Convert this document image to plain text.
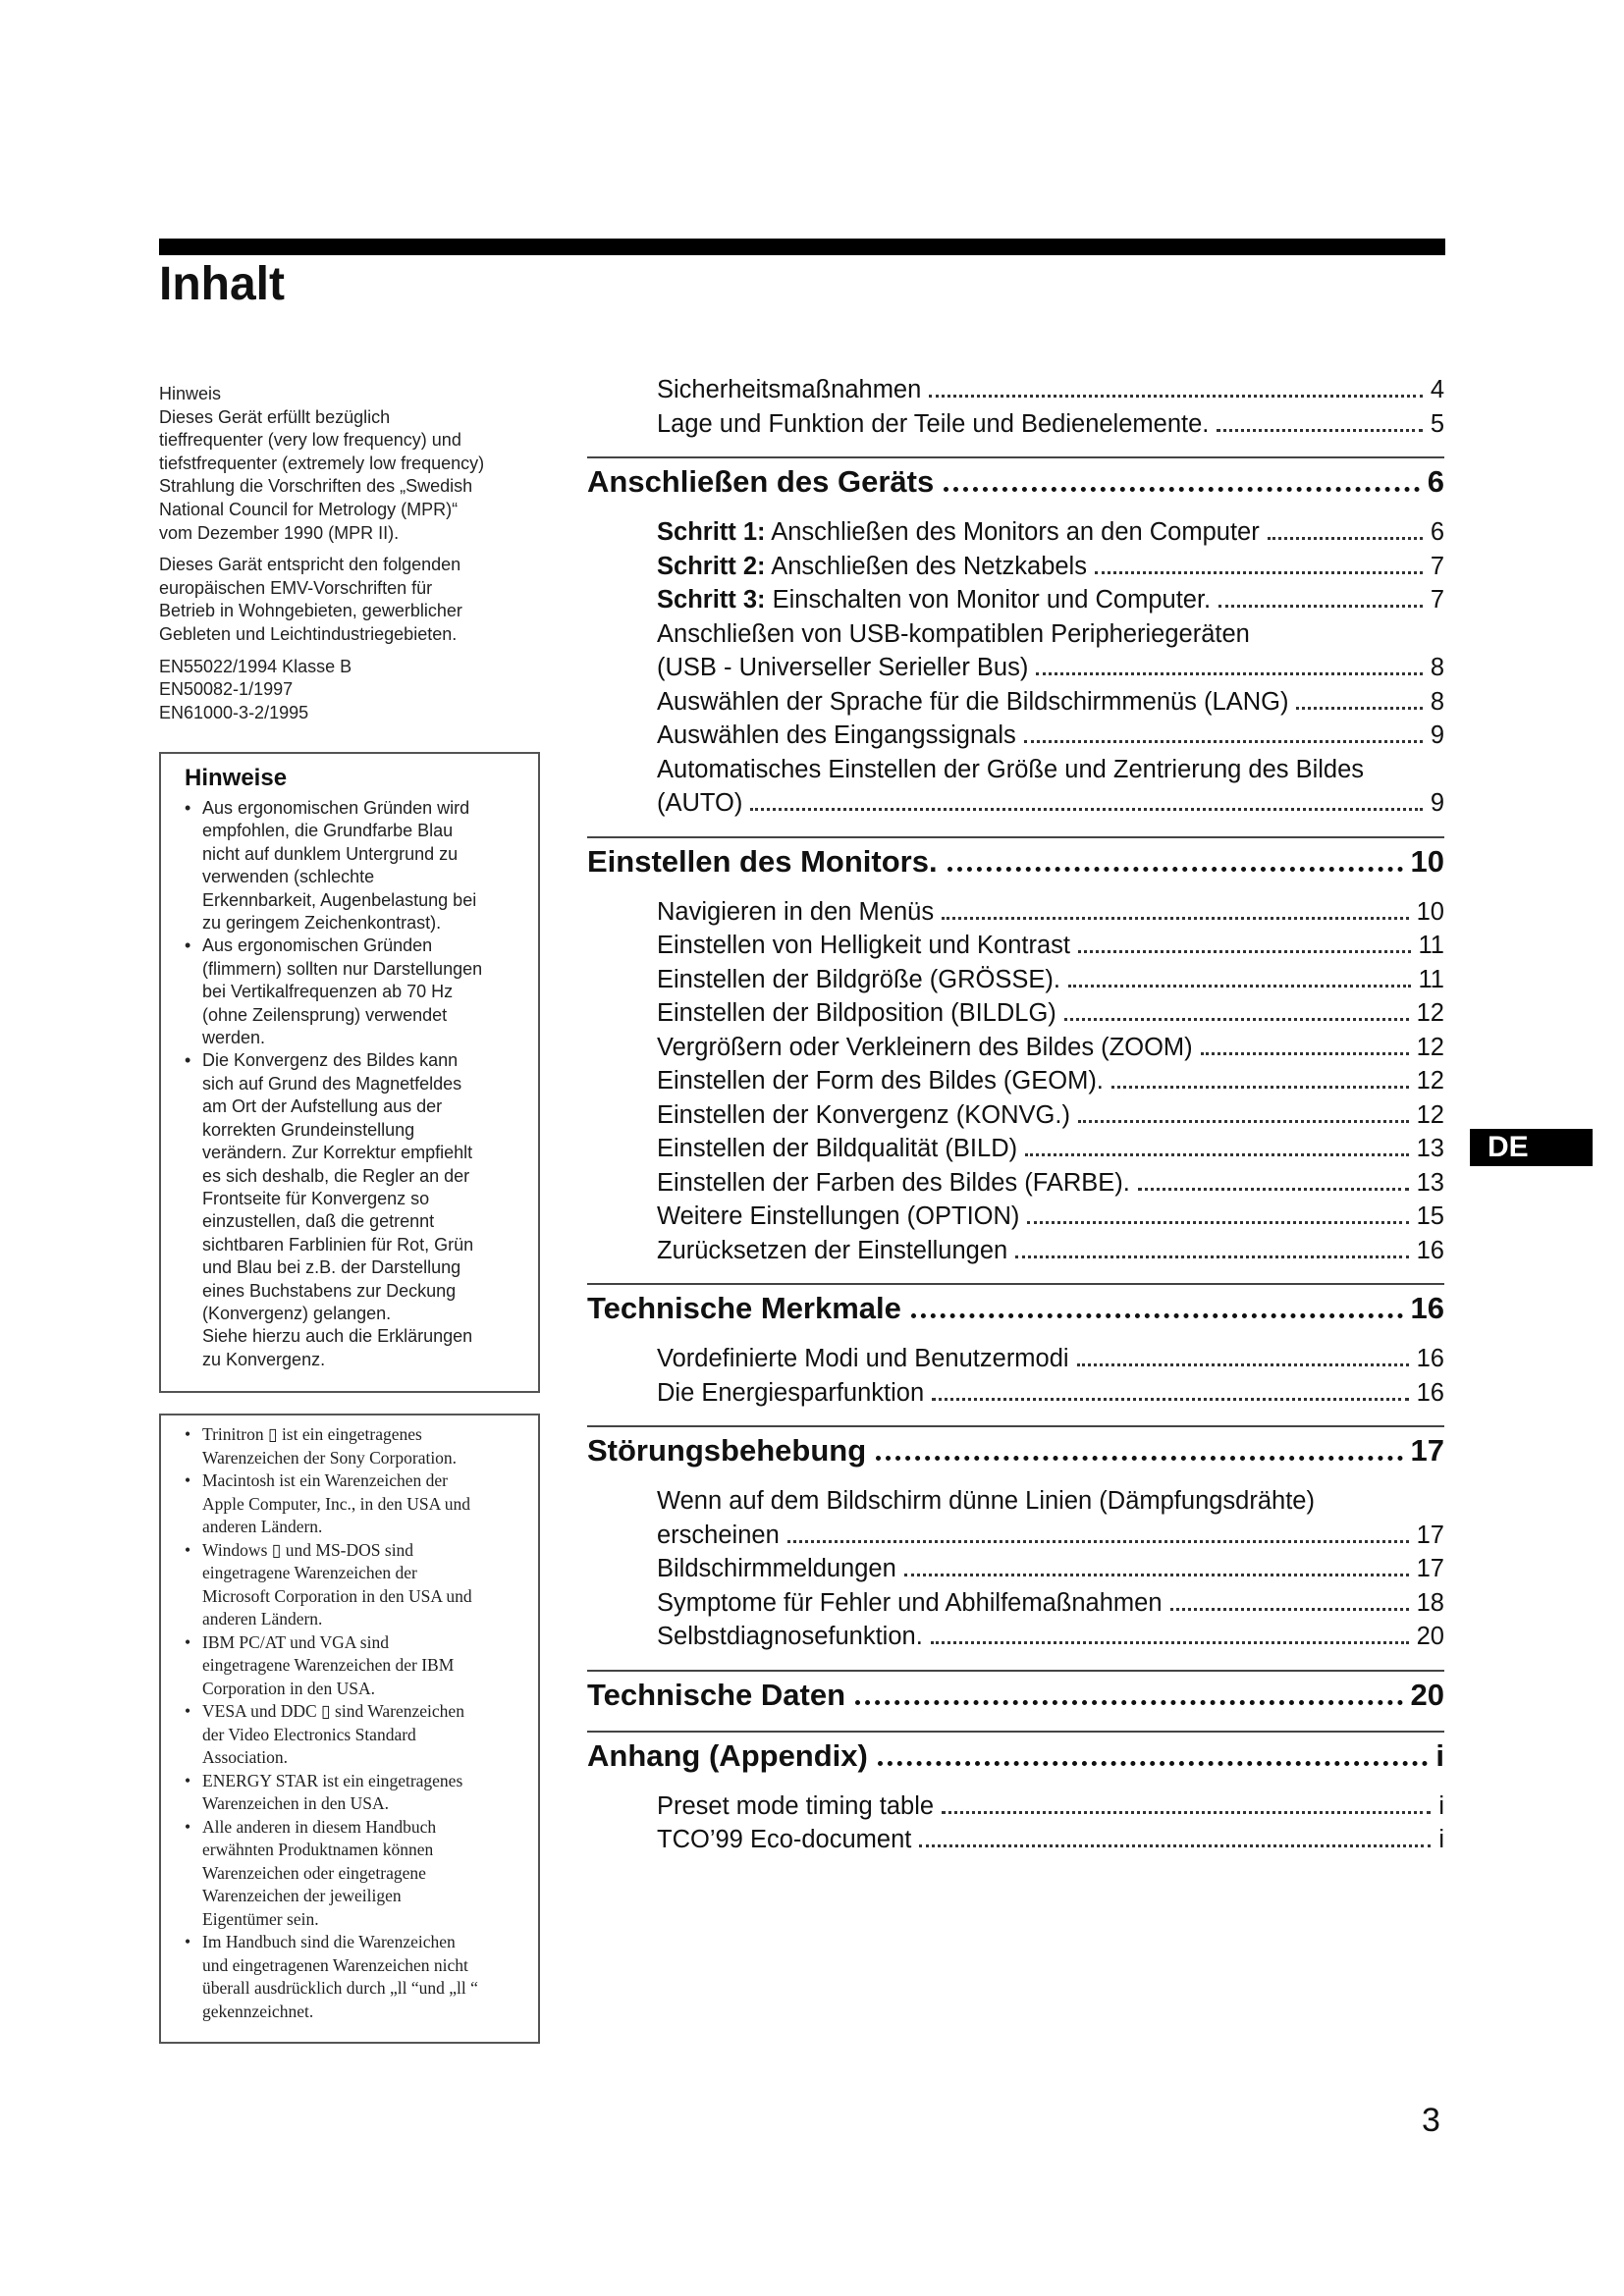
Inhalt

Hinweis
Dieses Gerät erfüllt bezüglich
tieffrequenter (very low frequency) und
tiefstfrequenter (extremely low frequency)
Strahlung die Vorschriften des „Swedish
National Council for Metrology (MPR)“
vom Dezember 1990 (MPR II).

Dieses Garät entspricht den folgenden
europäischen EMV-Vorschriften für
Betrieb in Wohngebieten, gewerblicher
Gebleten und Leichtindustriegebieten.

EN55022/1994 Klasse B
EN50082-1/1997
EN61000-3-2/1995

Hinweise
• Aus ergonomischen Gründen wird
empfohlen, die Grundfarbe Blau
nicht auf dunklem Untergrund zu
verwenden (schlechte
Erkennbarkeit, Augenbelastung bei
zu geringem Zeichenkontrast).
• Aus ergonomischen Gründen
(flimmern) sollten nur Darstellungen
bei Vertikalfrequenzen ab 70 Hz
(ohne Zeilensprung) verwendet
werden.
• Die Konvergenz des Bildes kann
sich auf Grund des Magnetfeldes
am Ort der Aufstellung aus der
korrekten Grundeinstellung
verändern. Zur Korrektur empfiehlt
es sich deshalb, die Regler an der
Frontseite für Konvergenz so
einzustellen, daß die getrennt
sichtbaren Farblinien für Rot, Grün
und Blau bei z.B. der Darstellung
eines Buchstabens zur Deckung
(Konvergenz) gelangen.
Siehe hierzu auch die Erklärungen
zu Konvergenz.
• Trinitron ▯ ist ein eingetragenes
Warenzeichen der Sony Corporation.
• Macintosh ist ein Warenzeichen der
Apple Computer, Inc., in den USA und
anderen Ländern.
• Windows ▯ und MS-DOS sind
eingetragene Warenzeichen der
Microsoft Corporation in den USA und
anderen Ländern.
• IBM PC/AT und VGA sind
eingetragene Warenzeichen der IBM
Corporation in den USA.
• VESA und DDC ▯ sind Warenzeichen
der Video Electronics Standard
Association.
• ENERGY STAR ist ein eingetragenes
Warenzeichen in den USA.
• Alle anderen in diesem Handbuch
erwähnten Produktnamen können
Warenzeichen oder eingetragene
Warenzeichen der jeweiligen
Eigentümer sein.
• Im Handbuch sind die Warenzeichen
und eingetragenen Warenzeichen nicht
überall ausdrücklich durch „ll “und „ll “
gekennzeichnet.
Sicherheitsmaßnahmen	4
Lage und Funktion der Teile und Bedienelemente.	5
Anschließen des Geräts	6
Schritt 1: Anschließen des Monitors an den Computer	6
Schritt 2: Anschließen des Netzkabels	7
Schritt 3: Einschalten von Monitor und Computer.	7
Anschließen von USB-kompatiblen Peripheriegeräten
(USB - Universeller Serieller Bus)	8
Auswählen der Sprache für die Bildschirmmenüs (LANG)	8
Auswählen des Eingangssignals	9
Automatisches Einstellen der Größe und Zentrierung des Bildes
(AUTO)	9
Einstellen des Monitors.	10
Navigieren in den Menüs	10
Einstellen von Helligkeit und Kontrast	11
Einstellen der Bildgröße (GRÖSSE).	11
Einstellen der Bildposition (BILDLG)	12
Vergrößern oder Verkleinern des Bildes (ZOOM)	12
Einstellen der Form des Bildes (GEOM).	12
Einstellen der Konvergenz (KONVG.)	12
Einstellen der Bildqualität (BILD)	13
Einstellen der Farben des Bildes (FARBE).	13
Weitere Einstellungen (OPTION)	15
Zurücksetzen der Einstellungen	16
Technische Merkmale	16
Vordefinierte Modi und Benutzermodi	16
Die Energiesparfunktion	16
Störungsbehebung	17
Wenn auf dem Bildschirm dünne Linien (Dämpfungsdrähte)
erscheinen	17
Bildschirmmeldungen	17
Symptome für Fehler und Abhilfemaßnahmen	18
Selbstdiagnosefunktion.	20
Technische Daten	20
Anhang (Appendix)	i
Preset mode timing table	i
TCO’99 Eco-document	i
DE
3
